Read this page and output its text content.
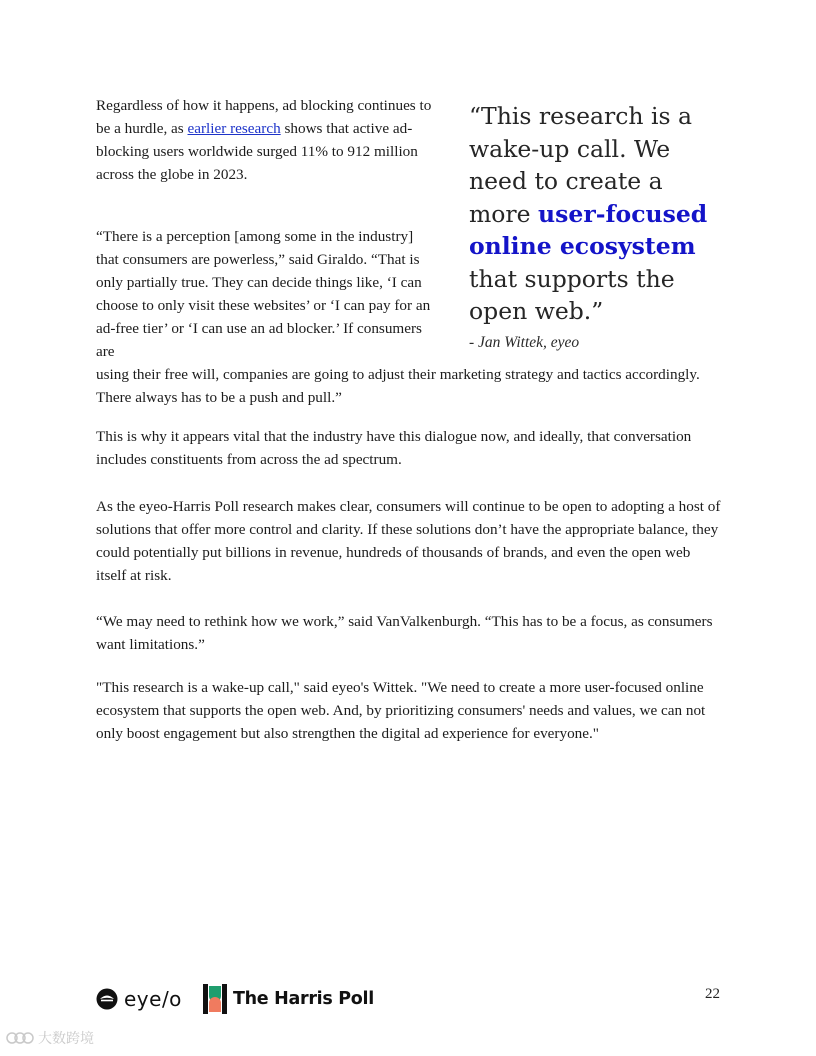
Regardless of how it happens, ad blocking continues to be a hurdle, as earlier research shows that active ad-blocking users worldwide surged 11% to 912 million across the globe in 2023.

“This research is a wake-up call. We need to create a more user-focused online ecosystem that supports the open web.”

- Jan Wittek, eyeo

“There is a perception [among some in the industry] that consumers are powerless,” said Giraldo. “That is only partially true. They can decide things like, ‘I can choose to only visit these websites’ or ‘I can pay for an ad-free tier’ or ‘I can use an ad blocker.’ If consumers are
using their free will, companies are going to adjust their marketing strategy and tactics accordingly. There always has to be a push and pull.”

This is why it appears vital that the industry have this dialogue now, and ideally, that conversation includes constituents from across the ad spectrum.

As the eyeo-Harris Poll research makes clear, consumers will continue to be open to adopting a host of solutions that offer more control and clarity. If these solutions don’t have the appropriate balance, they could potentially put billions in revenue, hundreds of thousands of brands, and even the open web itself at risk.

“We may need to rethink how we work,” said VanValkenburgh. “This has to be a focus, as consumers want limitations.”

"This research is a wake-up call," said eyeo's Wittek. "We need to create a more user-focused online ecosystem that supports the open web. And, by prioritizing consumers' needs and values, we can not only boost engagement but also strengthen the digital ad experience for everyone."

eye/o	The Harris Poll	22
大数跨境
